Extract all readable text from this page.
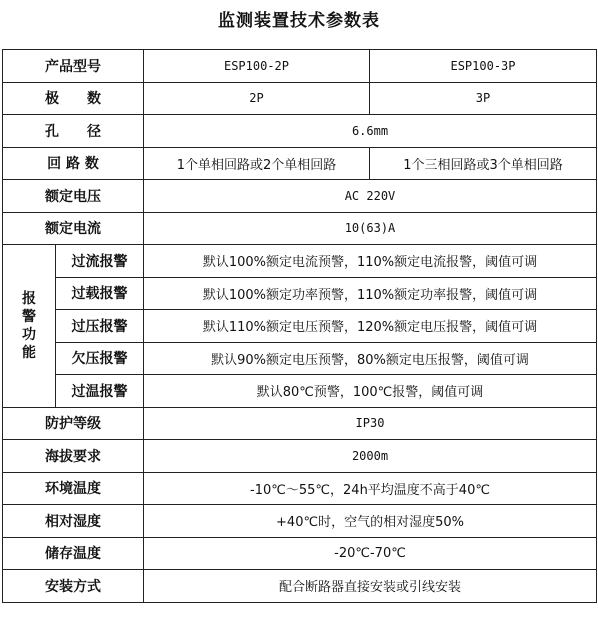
监测装置技术参数表
产品型号		ESP100-2P	ESP100-3P
极　　数		2P	3P
孔　　径		6.6mm	
回 路 数		1个单相回路或2个单相回路	1个三相回路或3个单相回路
额定电压		AC 220V	
额定电流		10(63)A	
报警功能	过流报警	默认100%额定电流预警，110%额定电流报警，阈值可调	
	过载报警	默认100%额定功率预警，110%额定功率报警，阈值可调	
	过压报警	默认110%额定电压预警，120%额定电压报警，阈值可调	
	欠压报警	默认90%额定电压预警，80%额定电压报警，阈值可调	
	过温报警	默认80℃预警，100℃报警，阈值可调	
防护等级		IP30	
海拔要求		2000m	
环境温度		-10℃～55℃，24h平均温度不高于40℃	
相对湿度		+40℃时，空气的相对湿度50%	
储存温度		-20℃-70℃	
安装方式		配合断路器直接安装或引线安装	
